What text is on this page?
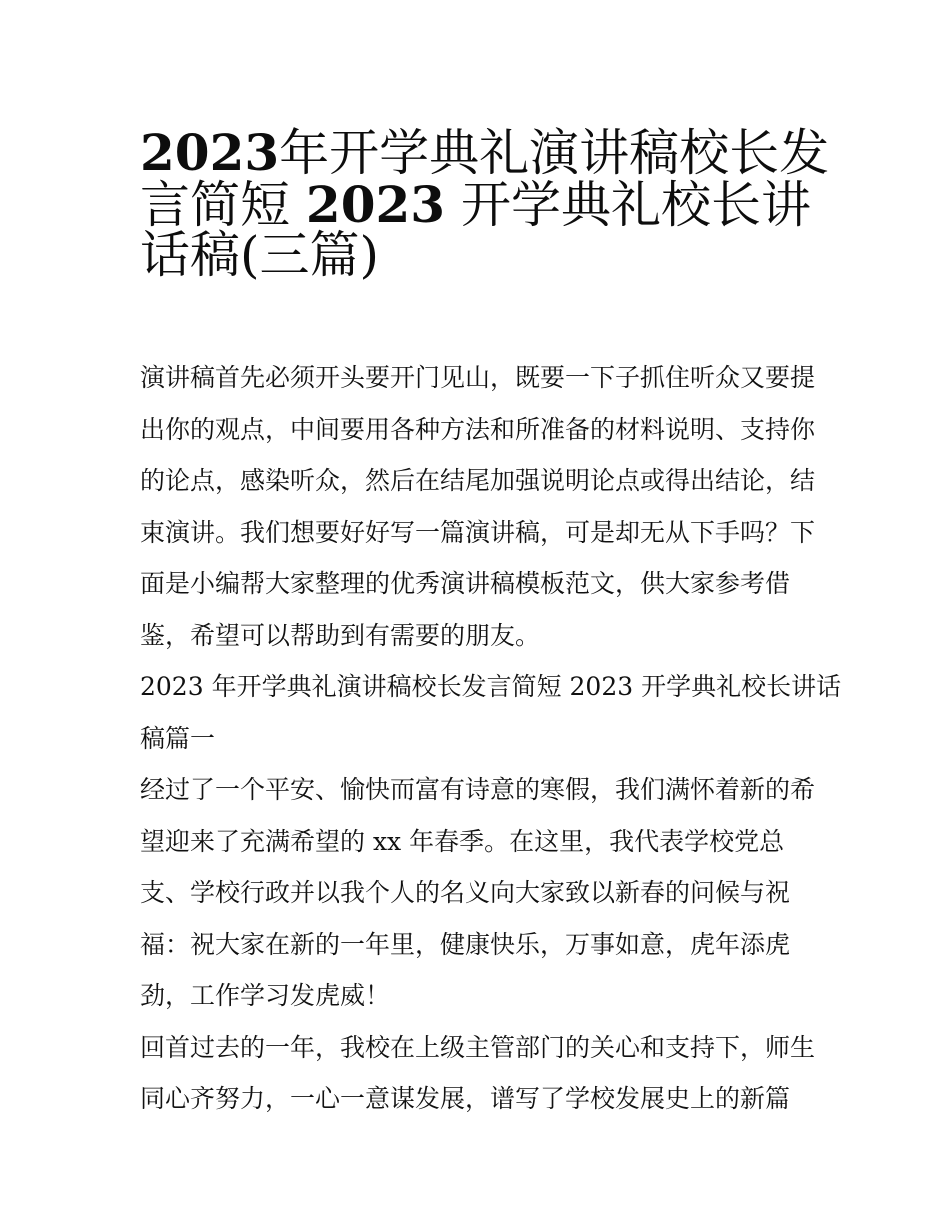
2023年开学典礼演讲稿校长发
言简短 2023 开学典礼校长讲
话稿(三篇)

演讲稿首先必须开头要开门见山，既要一下子抓住听众又要提
出你的观点，中间要用各种方法和所准备的材料说明、支持你
的论点，感染听众，然后在结尾加强说明论点或得出结论，结
束演讲。我们想要好好写一篇演讲稿，可是却无从下手吗？下
面是小编帮大家整理的优秀演讲稿模板范文，供大家参考借
鉴，希望可以帮助到有需要的朋友。

2023 年开学典礼演讲稿校长发言简短 2023 开学典礼校长讲话
稿篇一

经过了一个平安、愉快而富有诗意的寒假，我们满怀着新的希
望迎来了充满希望的 xx 年春季。在这里，我代表学校党总
支、学校行政并以我个人的名义向大家致以新春的问候与祝
福：祝大家在新的一年里，健康快乐，万事如意，虎年添虎
劲，工作学习发虎威！

回首过去的一年，我校在上级主管部门的关心和支持下，师生
同心齐努力，一心一意谋发展，谱写了学校发展史上的新篇
